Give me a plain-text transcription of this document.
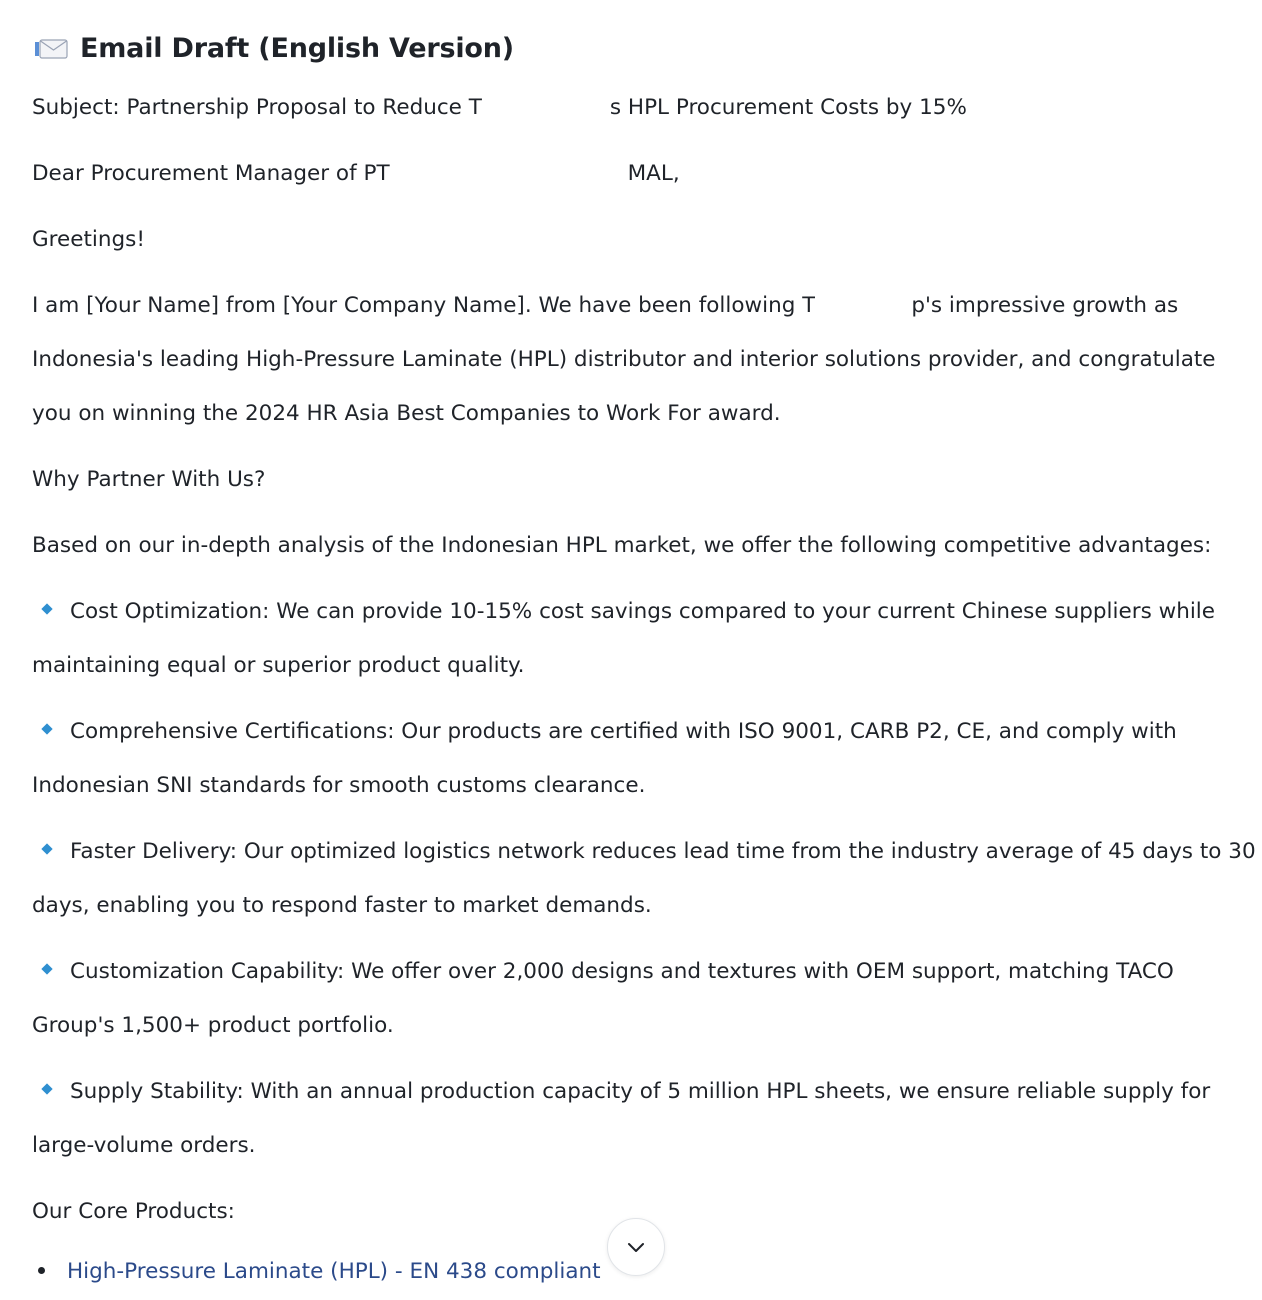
Email Draft (English Version)
Subject: Partnership Proposal to Reduce T	s HPL Procurement Costs by 15%
Dear Procurement Manager of PT	MAL,
Greetings!
I am [Your Name] from [Your Company Name]. We have been following T	p's impressive growth as
Indonesia's leading High-Pressure Laminate (HPL) distributor and interior solutions provider, and congratulate
you on winning the 2024 HR Asia Best Companies to Work For award.
Why Partner With Us?
Based on our in-depth analysis of the Indonesian HPL market, we offer the following competitive advantages:
Cost Optimization: We can provide 10-15% cost savings compared to your current Chinese suppliers while
maintaining equal or superior product quality.
Comprehensive Certifications: Our products are certified with ISO 9001, CARB P2, CE, and comply with
Indonesian SNI standards for smooth customs clearance.
Faster Delivery: Our optimized logistics network reduces lead time from the industry average of 45 days to 30
days, enabling you to respond faster to market demands.
Customization Capability: We offer over 2,000 designs and textures with OEM support, matching TACO
Group's 1,500+ product portfolio.
Supply Stability: With an annual production capacity of 5 million HPL sheets, we ensure reliable supply for
large-volume orders.
Our Core Products:
High-Pressure Laminate (HPL) - EN 438 compliant
